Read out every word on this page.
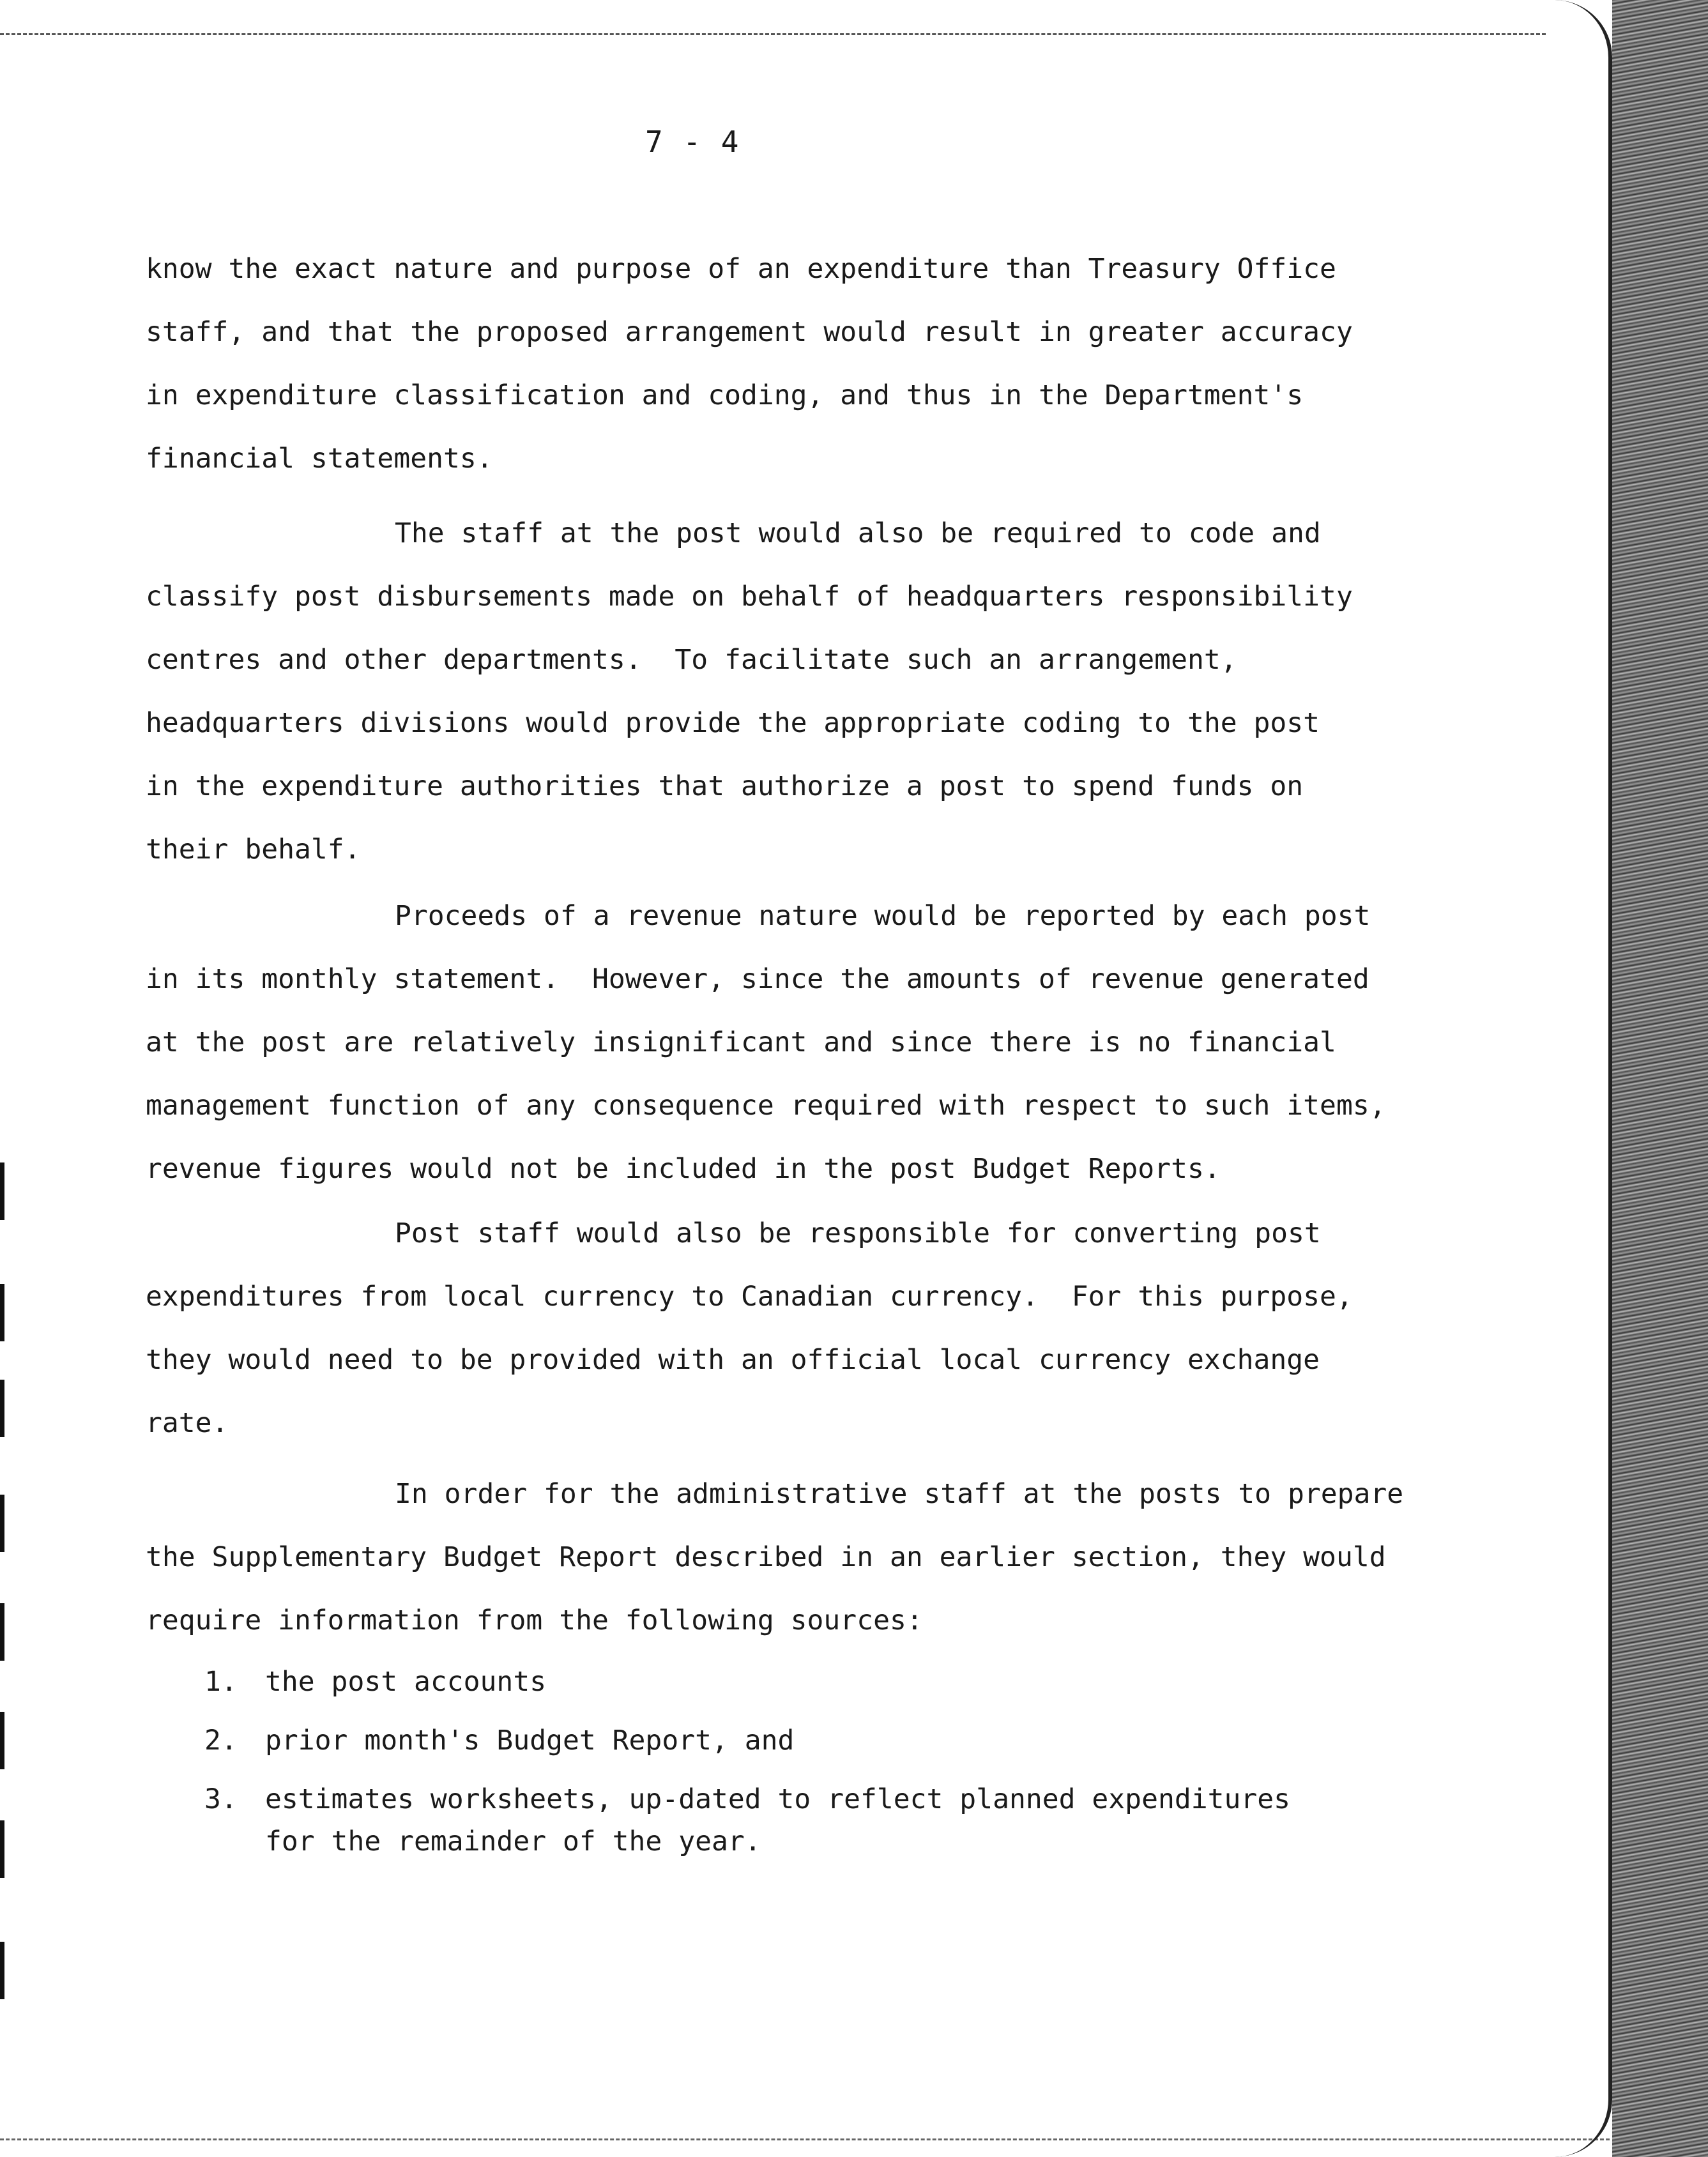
7 - 4
know the exact nature and purpose of an expenditure than Treasury Office
staff, and that the proposed arrangement would result in greater accuracy
in expenditure classification and coding, and thus in the Department's
financial statements.
The staff at the post would also be required to code and
classify post disbursements made on behalf of headquarters responsibility
centres and other departments.  To facilitate such an arrangement,
headquarters divisions would provide the appropriate coding to the post
in the expenditure authorities that authorize a post to spend funds on
their behalf.
Proceeds of a revenue nature would be reported by each post
in its monthly statement.  However, since the amounts of revenue generated
at the post are relatively insignificant and since there is no financial
management function of any consequence required with respect to such items,
revenue figures would not be included in the post Budget Reports.
Post staff would also be responsible for converting post
expenditures from local currency to Canadian currency.  For this purpose,
they would need to be provided with an official local currency exchange
rate.
In order for the administrative staff at the posts to prepare
the Supplementary Budget Report described in an earlier section, they would
require information from the following sources:
1.	the post accounts
2.	prior month's Budget Report, and
3.	estimates worksheets, up-dated to reflect planned expenditures for the remainder of the year.
